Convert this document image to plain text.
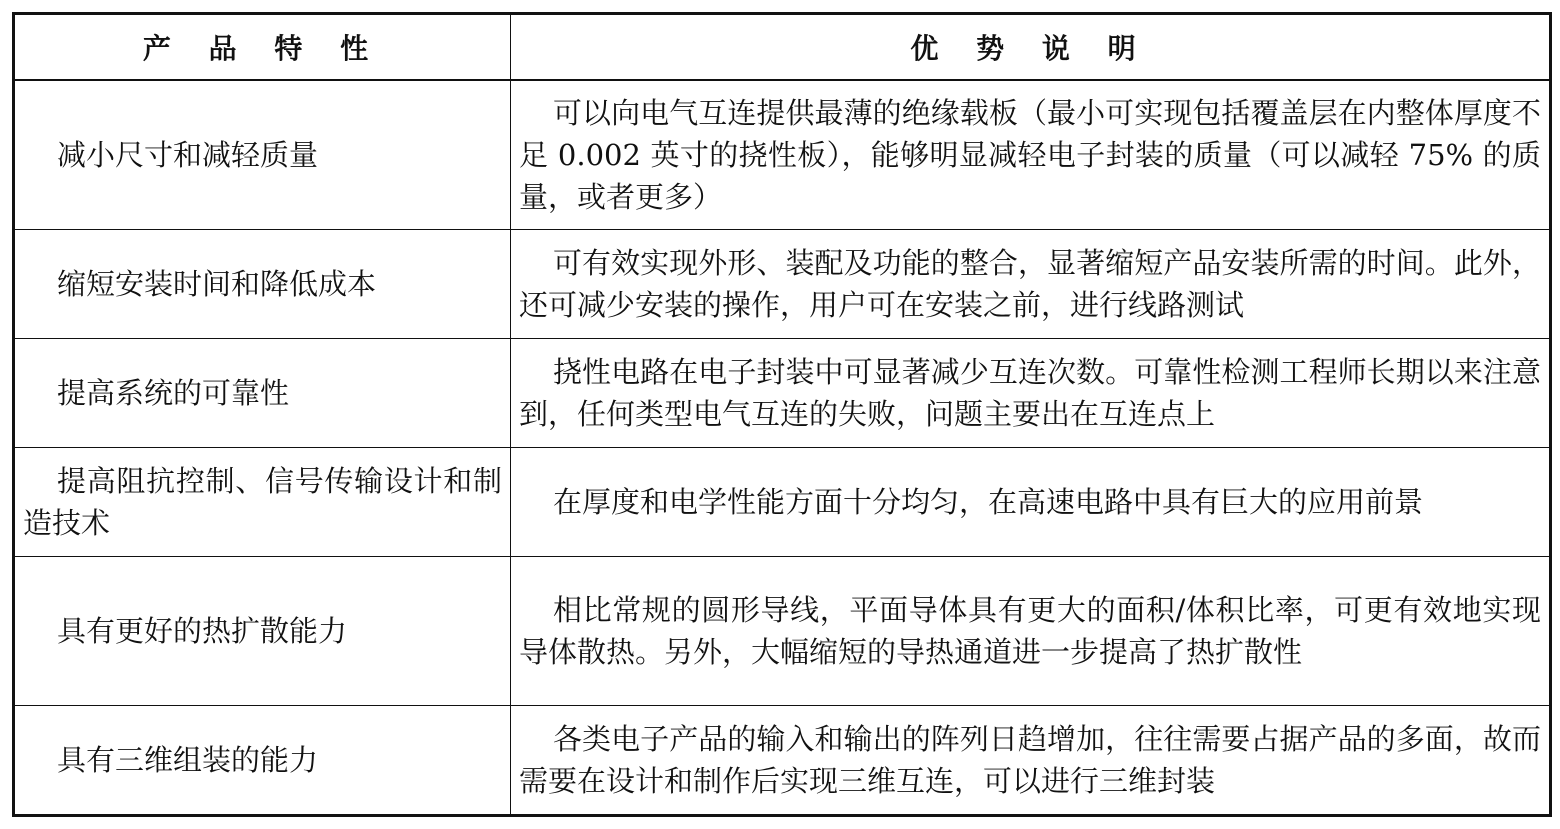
产 品 特 性	优 势 说 明
减小尺寸和减轻质量	可以向电气互连提供最薄的绝缘载板（最小可实现包括覆盖层在内整体厚度不足 0.002 英寸的挠性板），能够明显减轻电子封装的质量（可以减轻 75% 的质量，或者更多）
缩短安装时间和降低成本	可有效实现外形、装配及功能的整合，显著缩短产品安装所需的时间。此外，还可减少安装的操作，用户可在安装之前，进行线路测试
提高系统的可靠性	挠性电路在电子封装中可显著减少互连次数。可靠性检测工程师长期以来注意到，任何类型电气互连的失败，问题主要出在互连点上
提高阻抗控制、信号传输设计和制造技术	在厚度和电学性能方面十分均匀，在高速电路中具有巨大的应用前景
具有更好的热扩散能力	相比常规的圆形导线，平面导体具有更大的面积/体积比率，可更有效地实现导体散热。另外，大幅缩短的导热通道进一步提高了热扩散性
具有三维组装的能力	各类电子产品的输入和输出的阵列日趋增加，往往需要占据产品的多面，故而需要在设计和制作后实现三维互连，可以进行三维封装
